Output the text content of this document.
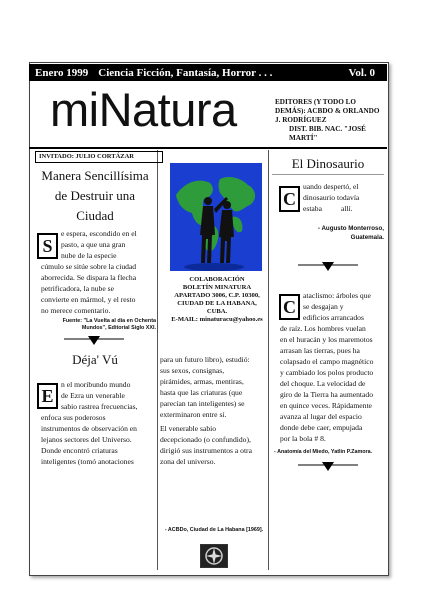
Enero 1999 Ciencia Ficción, Fantasía, Horror . . .	Vol. 0
miNatura	EDITORES (Y TODO LO
DEMÁS): ACBDO & ORLANDO
J. RODRÍGUEZ
DIST. BIB. NAC. "JOSÉ
MARTÍ"
INVITADO: JULIO CORTÁZAR
Manera Sencillísima
de Destruir una
Ciudad
S
e espera, escondido en el
pasto, a que una gran
nube de la especie
cúmulo se sitúe sobre la ciudad
aborrecida. Se dispara la flecha
petrificadora, la nube se
convierte en mármol, y el resto
no merece comentario.
Fuente: "La Vuelta al día en Ochenta
Mundos", Editorial Siglo XXI.
Déja' Vú
E
n el moribundo mundo
de Ezra un venerable
sabio rastrea frecuencias,
enfoca sus poderosos
instrumentos de observación en
lejanos sectores del Universo.
Donde encontró criaturas
inteligentes (tomó anotaciones
COLABORACIÓN
BOLETÍN MINATURA
APARTADO 3006, C.P. 10300,
CIUDAD DE LA HABANA,
CUBA.
E-MAIL: minaturacu@yahoo.es
para un futuro libro), estudió:
sus sexos, consignas,
pirámides, armas, mentiras,
hasta que las criaturas (que
parecían tan inteligentes) se
exterminaron entre sí.
El venerable sabio
decepcionado (o confundido),
dirigió sus instrumentos a otra
zona del universo.
- ACBDo, Ciudad de La Habana [1969].
El Dinosaurio
C
uando despertó, el
dinosaurio todavía
estaba          allí.
- Augusto Monterroso,
Guatemala.
C
ataclismo: árboles que
se desgajan y
edificios arrancados
de raíz. Los hombres vuelan
en el huracán y los maremotos
arrasan las tierras, pues ha
colapsado el campo magnético
y cambiado los polos producto
del choque. La velocidad de
giro de la Tierra ha aumentado
en quince veces. Rápidamente
avanza al lugar del espacio
donde debe caer, empujada
por la bola # 8.
- Anatomía del Miedo, Yatlin P.Zamora.
